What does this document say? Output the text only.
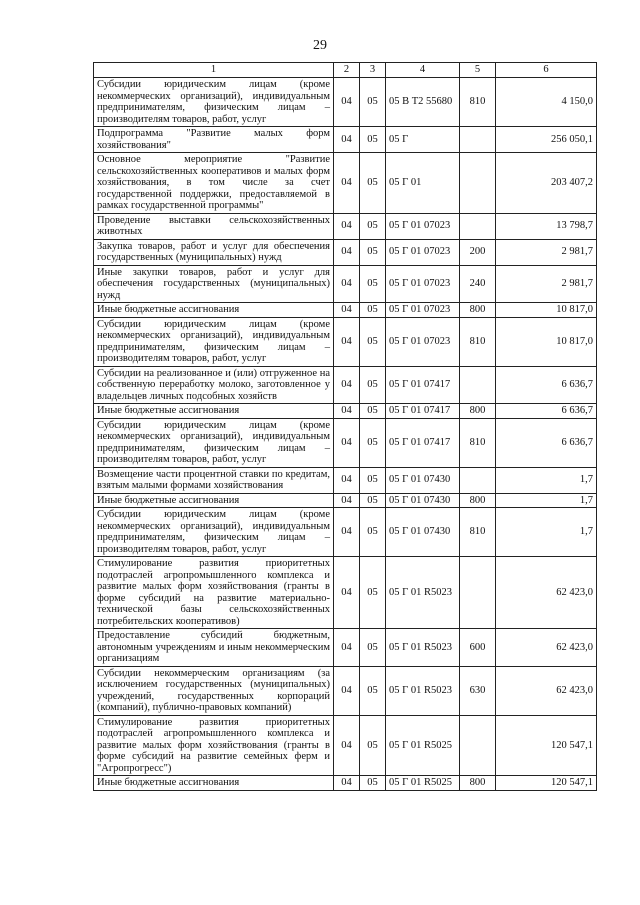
29
1	2	3	4	5	6
Субсидии юридическим лицам (кроме некоммерческих организаций), индивидуальным предпринимателям, физическим лицам – производителям товаров, работ, услуг	04	05	05 В Т2 55680	810	4 150,0
Подпрограмма "Развитие малых форм хозяйствования"	04	05	05 Г		256 050,1
Основное мероприятие "Развитие сельскохозяйственных кооперативов и малых форм хозяйствования, в том числе за счет государственной поддержки, предоставляемой в рамках государственной программы"	04	05	05 Г 01		203 407,2
Проведение выставки сельскохозяйственных животных	04	05	05 Г 01 07023		13 798,7
Закупка товаров, работ и услуг для обеспечения государственных (муниципальных) нужд	04	05	05 Г 01 07023	200	2 981,7
Иные закупки товаров, работ и услуг для обеспечения государственных (муниципальных) нужд	04	05	05 Г 01 07023	240	2 981,7
Иные бюджетные ассигнования	04	05	05 Г 01 07023	800	10 817,0
Субсидии юридическим лицам (кроме некоммерческих организаций), индивидуальным предпринимателям, физическим лицам – производителям товаров, работ, услуг	04	05	05 Г 01 07023	810	10 817,0
Субсидии на реализованное и (или) отгруженное на собственную переработку молоко, заготовленное у владельцев личных подсобных хозяйств	04	05	05 Г 01 07417		6 636,7
Иные бюджетные ассигнования	04	05	05 Г 01 07417	800	6 636,7
Субсидии юридическим лицам (кроме некоммерческих организаций), индивидуальным предпринимателям, физическим лицам – производителям товаров, работ, услуг	04	05	05 Г 01 07417	810	6 636,7
Возмещение части процентной ставки по кредитам, взятым малыми формами хозяйствования	04	05	05 Г 01 07430		1,7
Иные бюджетные ассигнования	04	05	05 Г 01 07430	800	1,7
Субсидии юридическим лицам (кроме некоммерческих организаций), индивидуальным предпринимателям, физическим лицам – производителям товаров, работ, услуг	04	05	05 Г 01 07430	810	1,7
Стимулирование развития приоритетных подотраслей агропромышленного комплекса и развитие малых форм хозяйствования (гранты в форме субсидий на развитие материально-технической базы сельскохозяйственных потребительских кооперативов)	04	05	05 Г 01 R5023		62 423,0
Предоставление субсидий бюджетным, автономным учреждениям и иным некоммерческим организациям	04	05	05 Г 01 R5023	600	62 423,0
Субсидии некоммерческим организациям (за исключением государственных (муниципальных) учреждений, государственных корпораций (компаний), публично-правовых компаний)	04	05	05 Г 01 R5023	630	62 423,0
Стимулирование развития приоритетных подотраслей агропромышленного комплекса и развитие малых форм хозяйствования (гранты в форме субсидий на развитие семейных ферм и "Агропрогресс")	04	05	05 Г 01 R5025		120 547,1
Иные бюджетные ассигнования	04	05	05 Г 01 R5025	800	120 547,1
